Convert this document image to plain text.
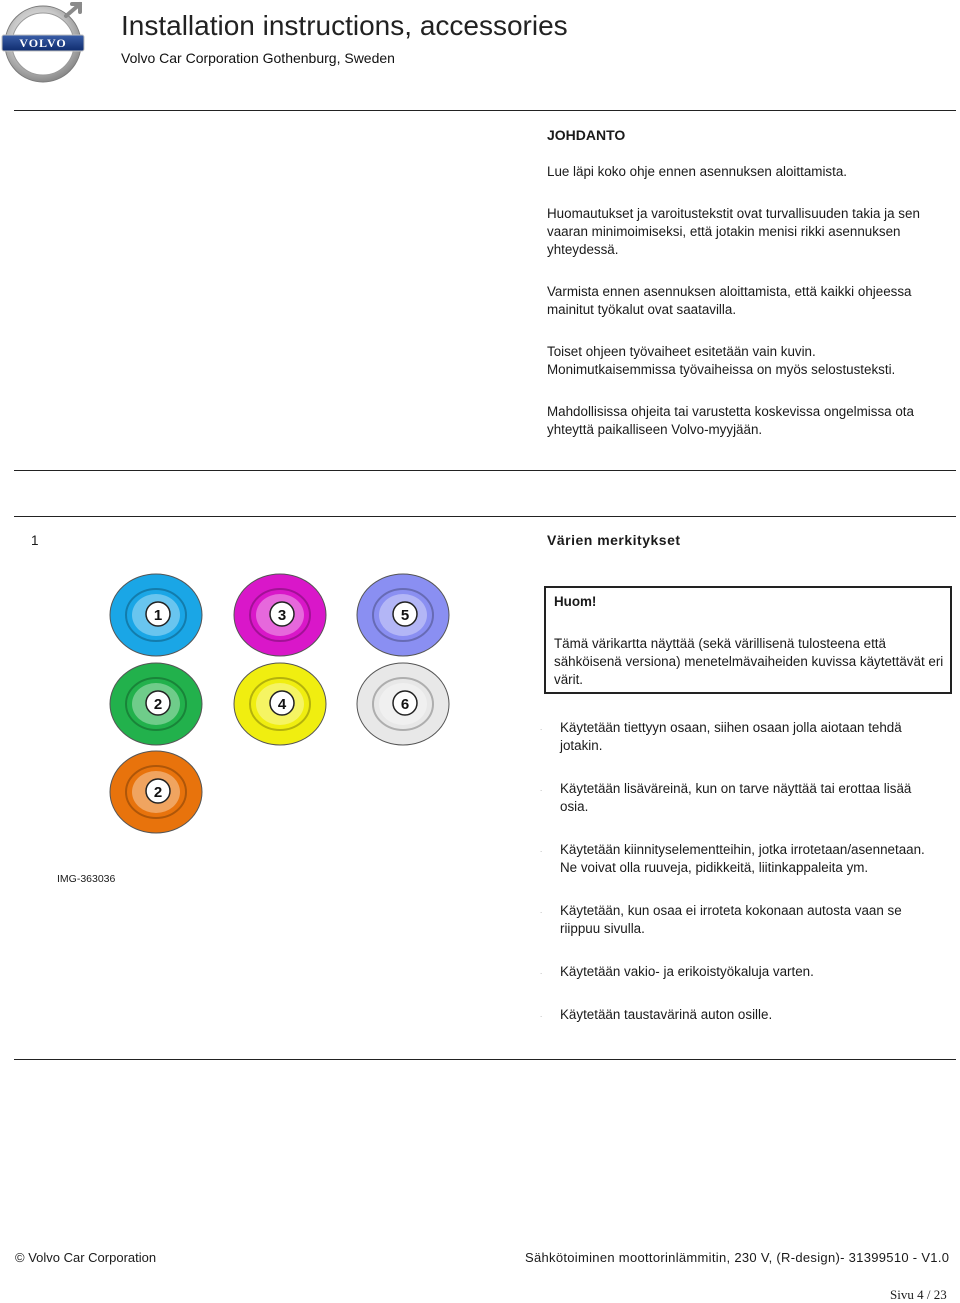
VOLVO
Installation instructions, accessories
Volvo Car Corporation Gothenburg, Sweden
JOHDANTO

Lue läpi koko ohje ennen asennuksen aloittamista.

Huomautukset ja varoitustekstit ovat turvallisuuden takia ja sen vaaran minimoimiseksi, että jotakin menisi rikki asennuksen yhteydessä.

Varmista ennen asennuksen aloittamista, että kaikki ohjeessa mainitut työkalut ovat saatavilla.

Toiset ohjeen työvaiheet esitetään vain kuvin. Monimutkaisemmissa työvaiheissa on myös selostusteksti.

Mahdollisissa ohjeita tai varustetta koskevissa ongelmissa ota yhteyttä paikalliseen Volvo-myyjään.

1	Värien merkitykset
1	3	5
2	4	6
2
IMG-363036
Huom!
Tämä värikartta näyttää (sekä värillisenä tulosteena että sähköisenä versiona) menetelmävaiheiden kuvissa käytettävät eri värit.
. Käytetään tiettyyn osaan, siihen osaan jolla aiotaan tehdä jotakin.
. Käytetään lisäväreinä, kun on tarve näyttää tai erottaa lisää osia.
. Käytetään kiinnityselementteihin, jotka irrotetaan/asennetaan. Ne voivat olla ruuveja, pidikkeitä, liitinkappaleita ym.
. Käytetään, kun osaa ei irroteta kokonaan autosta vaan se riippuu sivulla.
. Käytetään vakio- ja erikoistyökaluja varten.
. Käytetään taustavärinä auton osille.
© Volvo Car Corporation	Sähkötoiminen moottorinlämmitin, 230 V, (R-design)- 31399510 - V1.0
Sivu 4 / 23
